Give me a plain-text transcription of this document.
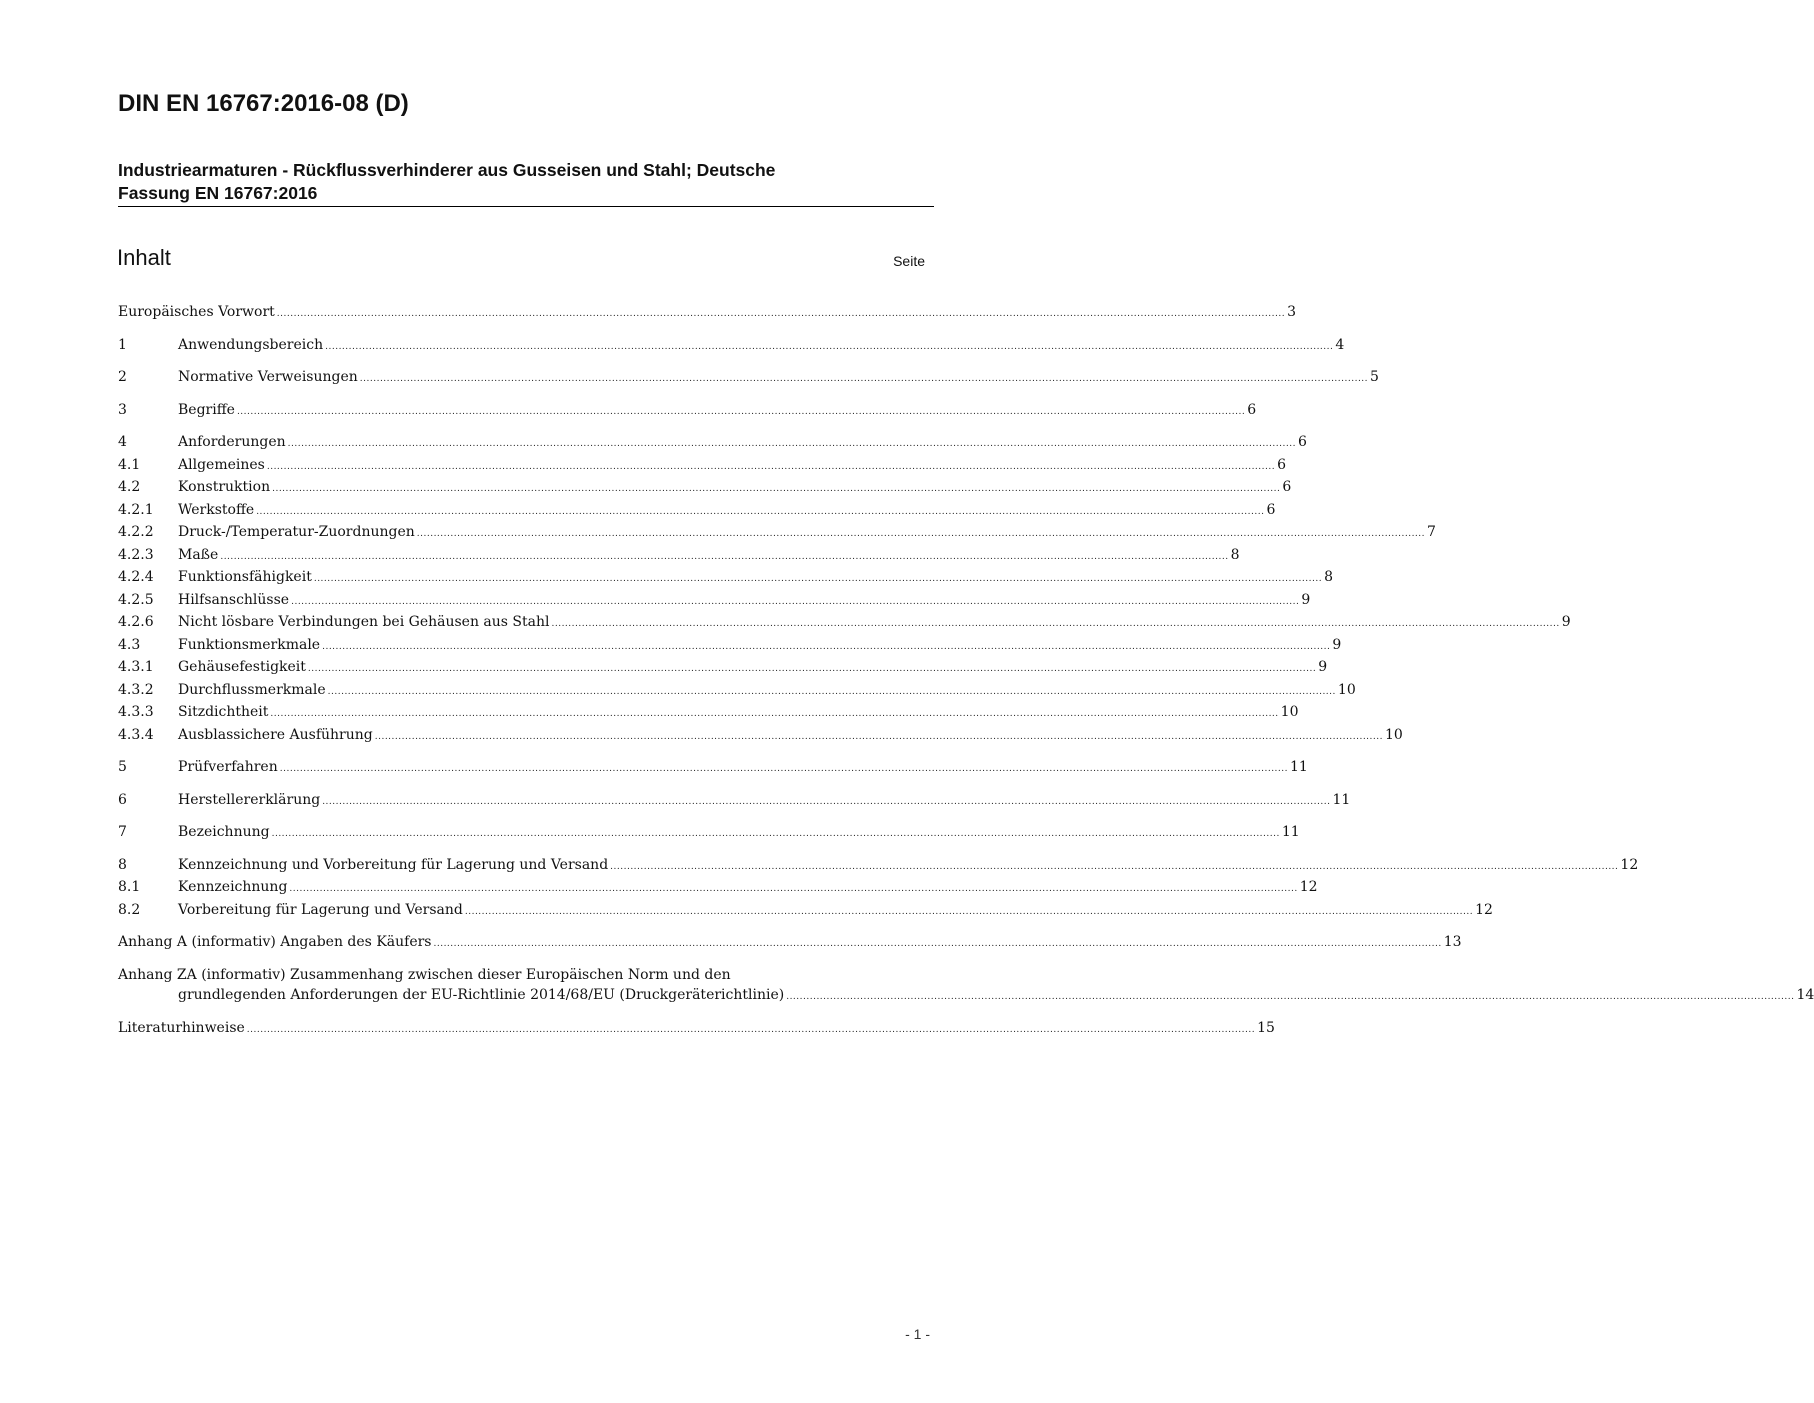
DIN EN 16767:2016-08 (D)
Industriearmaturen - Rückflussverhinderer aus Gusseisen und Stahl; Deutsche
Fassung EN 16767:2016
Inhalt	Seite
Europäisches Vorwort ............................................................................................................................................................................................................................................................................................................ 3
1	Anwendungsbereich ............................................................................................................................................................................................................................................................................................................ 4
2	Normative Verweisungen ............................................................................................................................................................................................................................................................................................................ 5
3	Begriffe ............................................................................................................................................................................................................................................................................................................ 6
4	Anforderungen ............................................................................................................................................................................................................................................................................................................ 6
4.1	Allgemeines ............................................................................................................................................................................................................................................................................................................ 6
4.2	Konstruktion ............................................................................................................................................................................................................................................................................................................ 6
4.2.1	Werkstoffe ............................................................................................................................................................................................................................................................................................................ 6
4.2.2	Druck-/Temperatur-Zuordnungen ............................................................................................................................................................................................................................................................................................................ 7
4.2.3	Maße ............................................................................................................................................................................................................................................................................................................ 8
4.2.4	Funktionsfähigkeit ............................................................................................................................................................................................................................................................................................................ 8
4.2.5	Hilfsanschlüsse ............................................................................................................................................................................................................................................................................................................ 9
4.2.6	Nicht lösbare Verbindungen bei Gehäusen aus Stahl ............................................................................................................................................................................................................................................................................................................ 9
4.3	Funktionsmerkmale ............................................................................................................................................................................................................................................................................................................ 9
4.3.1	Gehäusefestigkeit ............................................................................................................................................................................................................................................................................................................ 9
4.3.2	Durchflussmerkmale ............................................................................................................................................................................................................................................................................................................ 10
4.3.3	Sitzdichtheit ............................................................................................................................................................................................................................................................................................................ 10
4.3.4	Ausblassichere Ausführung ............................................................................................................................................................................................................................................................................................................ 10
5	Prüfverfahren ............................................................................................................................................................................................................................................................................................................ 11
6	Herstellererklärung ............................................................................................................................................................................................................................................................................................................ 11
7	Bezeichnung ............................................................................................................................................................................................................................................................................................................ 11
8	Kennzeichnung und Vorbereitung für Lagerung und Versand ............................................................................................................................................................................................................................................................................................................ 12
8.1	Kennzeichnung ............................................................................................................................................................................................................................................................................................................ 12
8.2	Vorbereitung für Lagerung und Versand ............................................................................................................................................................................................................................................................................................................ 12
Anhang A (informativ) Angaben des Käufers ............................................................................................................................................................................................................................................................................................................ 13
Anhang ZA (informativ) Zusammenhang zwischen dieser Europäischen Norm und den
grundlegenden Anforderungen der EU-Richtlinie 2014/68/EU (Druckgeräterichtlinie) ............................................................................................................................................................................................................................................................................................................ 14
Literaturhinweise ............................................................................................................................................................................................................................................................................................................ 15
- 1 -
